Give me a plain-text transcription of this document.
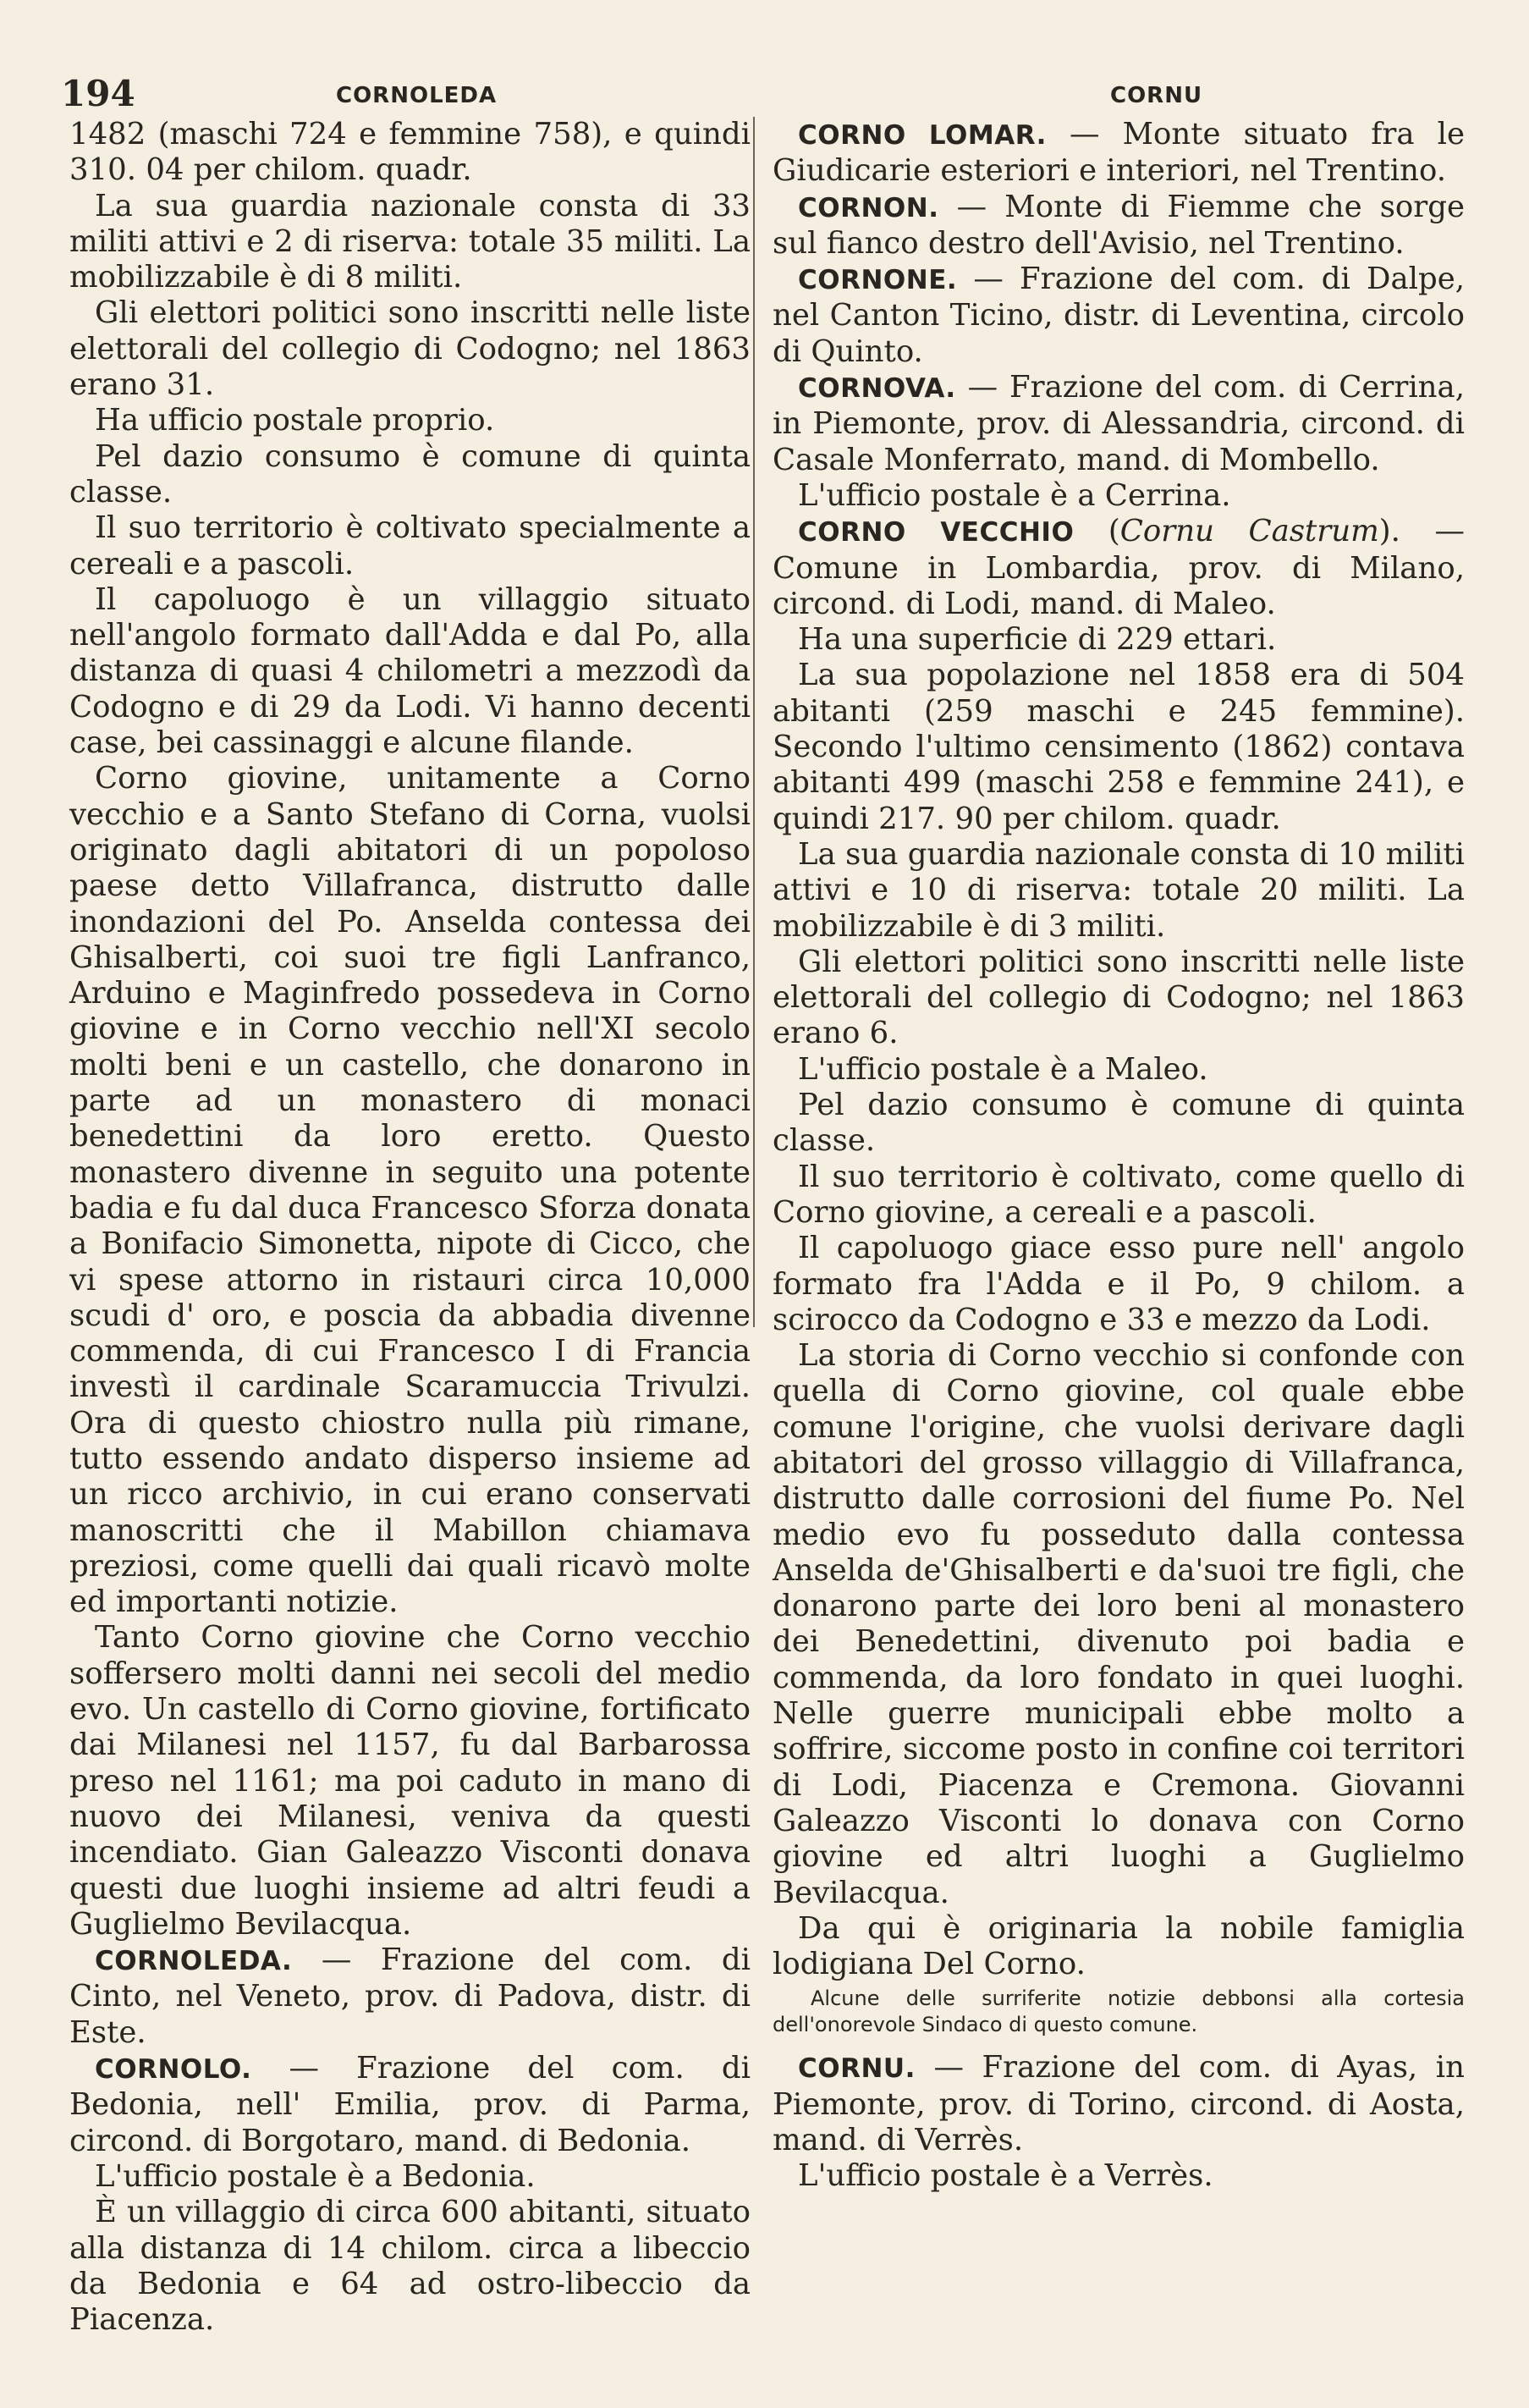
194	CORNOLEDA	CORNU

1482 (maschi 724 e femmine 758), e quindi 310. 04 per chilom. quadr.

La sua guardia nazionale consta di 33 militi attivi e 2 di riserva: totale 35 militi. La mobilizzabile è di 8 militi.

Gli elettori politici sono inscritti nelle liste elettorali del collegio di Codogno; nel 1863 erano 31.

Ha ufficio postale proprio.

Pel dazio consumo è comune di quinta classe.

Il suo territorio è coltivato specialmente a cereali e a pascoli.

Il capoluogo è un villaggio situato nell'angolo formato dall'Adda e dal Po, alla distanza di quasi 4 chilometri a mezzodì da Codogno e di 29 da Lodi. Vi hanno decenti case, bei cassinaggi e alcune filande.

Corno giovine, unitamente a Corno vecchio e a Santo Stefano di Corna, vuolsi originato dagli abitatori di un popoloso paese detto Villafranca, distrutto dalle inondazioni del Po. Anselda contessa dei Ghisalberti, coi suoi tre figli Lanfranco, Arduino e Maginfredo possedeva in Corno giovine e in Corno vecchio nell'XI secolo molti beni e un castello, che donarono in parte ad un monastero di monaci benedettini da loro eretto. Questo monastero divenne in seguito una potente badia e fu dal duca Francesco Sforza donata a Bonifacio Simonetta, nipote di Cicco, che vi spese attorno in ristauri circa 10,000 scudi d' oro, e poscia da abbadia divenne commenda, di cui Francesco I di Francia investì il cardinale Scaramuccia Trivulzi. Ora di questo chiostro nulla più rimane, tutto essendo andato disperso insieme ad un ricco archivio, in cui erano conservati manoscritti che il Mabillon chiamava preziosi, come quelli dai quali ricavò molte ed importanti notizie.

Tanto Corno giovine che Corno vecchio soffersero molti danni nei secoli del medio evo. Un castello di Corno giovine, fortificato dai Milanesi nel 1157, fu dal Barbarossa preso nel 1161; ma poi caduto in mano di nuovo dei Milanesi, veniva da questi incendiato. Gian Galeazzo Visconti donava questi due luoghi insieme ad altri feudi a Guglielmo Bevilacqua.

CORNOLEDA. — Frazione del com. di Cinto, nel Veneto, prov. di Padova, distr. di Este.

CORNOLO. — Frazione del com. di Bedonia, nell' Emilia, prov. di Parma, circond. di Borgotaro, mand. di Bedonia.

L'ufficio postale è a Bedonia.

È un villaggio di circa 600 abitanti, situato alla distanza di 14 chilom. circa a libeccio da Bedonia e 64 ad ostro-libeccio da Piacenza.

CORNO LOMAR. — Monte situato fra le Giudicarie esteriori e interiori, nel Trentino.

CORNON. — Monte di Fiemme che sorge sul fianco destro dell'Avisio, nel Trentino.

CORNONE. — Frazione del com. di Dalpe, nel Canton Ticino, distr. di Leventina, circolo di Quinto.

CORNOVA. — Frazione del com. di Cerrina, in Piemonte, prov. di Alessandria, circond. di Casale Monferrato, mand. di Mombello.

L'ufficio postale è a Cerrina.

CORNO VECCHIO (Cornu Castrum). — Comune in Lombardia, prov. di Milano, circond. di Lodi, mand. di Maleo.

Ha una superficie di 229 ettari.

La sua popolazione nel 1858 era di 504 abitanti (259 maschi e 245 femmine). Secondo l'ultimo censimento (1862) contava abitanti 499 (maschi 258 e femmine 241), e quindi 217. 90 per chilom. quadr.

La sua guardia nazionale consta di 10 militi attivi e 10 di riserva: totale 20 militi. La mobilizzabile è di 3 militi.

Gli elettori politici sono inscritti nelle liste elettorali del collegio di Codogno; nel 1863 erano 6.

L'ufficio postale è a Maleo.

Pel dazio consumo è comune di quinta classe.

Il suo territorio è coltivato, come quello di Corno giovine, a cereali e a pascoli.

Il capoluogo giace esso pure nell' angolo formato fra l'Adda e il Po, 9 chilom. a scirocco da Codogno e 33 e mezzo da Lodi.

La storia di Corno vecchio si confonde con quella di Corno giovine, col quale ebbe comune l'origine, che vuolsi derivare dagli abitatori del grosso villaggio di Villafranca, distrutto dalle corrosioni del fiume Po. Nel medio evo fu posseduto dalla contessa Anselda de'Ghisalberti e da'suoi tre figli, che donarono parte dei loro beni al monastero dei Benedettini, divenuto poi badia e commenda, da loro fondato in quei luoghi. Nelle guerre municipali ebbe molto a soffrire, siccome posto in confine coi territori di Lodi, Piacenza e Cremona. Giovanni Galeazzo Visconti lo donava con Corno giovine ed altri luoghi a Guglielmo Bevilacqua.

Da qui è originaria la nobile famiglia lodigiana Del Corno.

Alcune delle surriferite notizie debbonsi alla cortesia dell'onorevole Sindaco di questo comune.

CORNU. — Frazione del com. di Ayas, in Piemonte, prov. di Torino, circond. di Aosta, mand. di Verrès.

L'ufficio postale è a Verrès.
